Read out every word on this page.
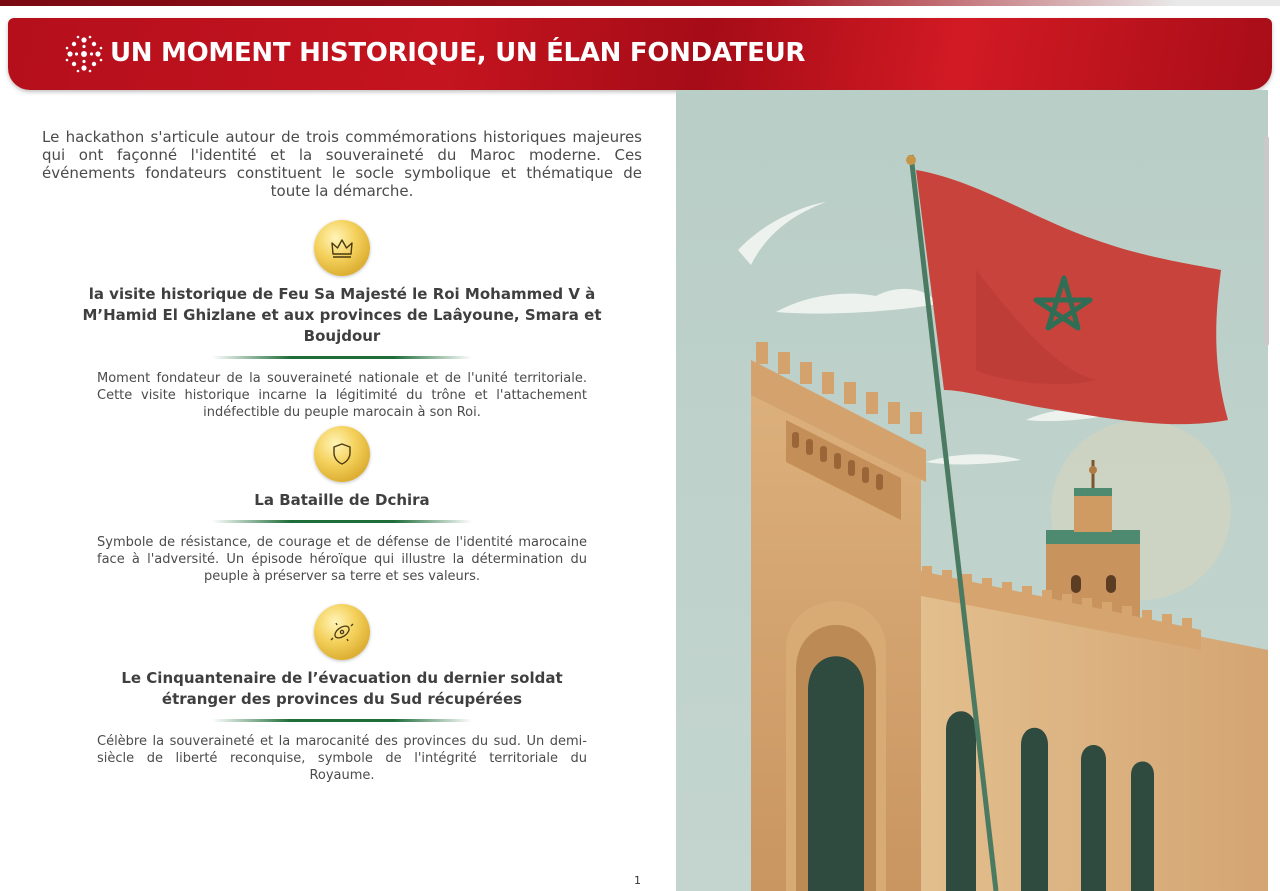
UN MOMENT HISTORIQUE, UN ÉLAN FONDATEUR

Le hackathon s'articule autour de trois commémorations historiques majeures qui ont façonné l'identité et la souveraineté du Maroc moderne. Ces événements fondateurs constituent le socle symbolique et thématique de toute la démarche.

la visite historique de Feu Sa Majesté le Roi Mohammed V à M’Hamid El Ghizlane et aux provinces de Laâyoune, Smara et Boujdour
Moment fondateur de la souveraineté nationale et de l'unité territoriale. Cette visite historique incarne la légitimité du trône et l'attachement indéfectible du peuple marocain à son Roi.
La Bataille de Dchira
Symbole de résistance, de courage et de défense de l'identité marocaine face à l'adversité. Un épisode héroïque qui illustre la détermination du peuple à préserver sa terre et ses valeurs.
Le Cinquantenaire de l’évacuation du dernier soldat étranger des provinces du Sud récupérées
Célèbre la souveraineté et la marocanité des provinces du sud. Un demi-siècle de liberté reconquise, symbole de l'intégrité territoriale du Royaume.
1
